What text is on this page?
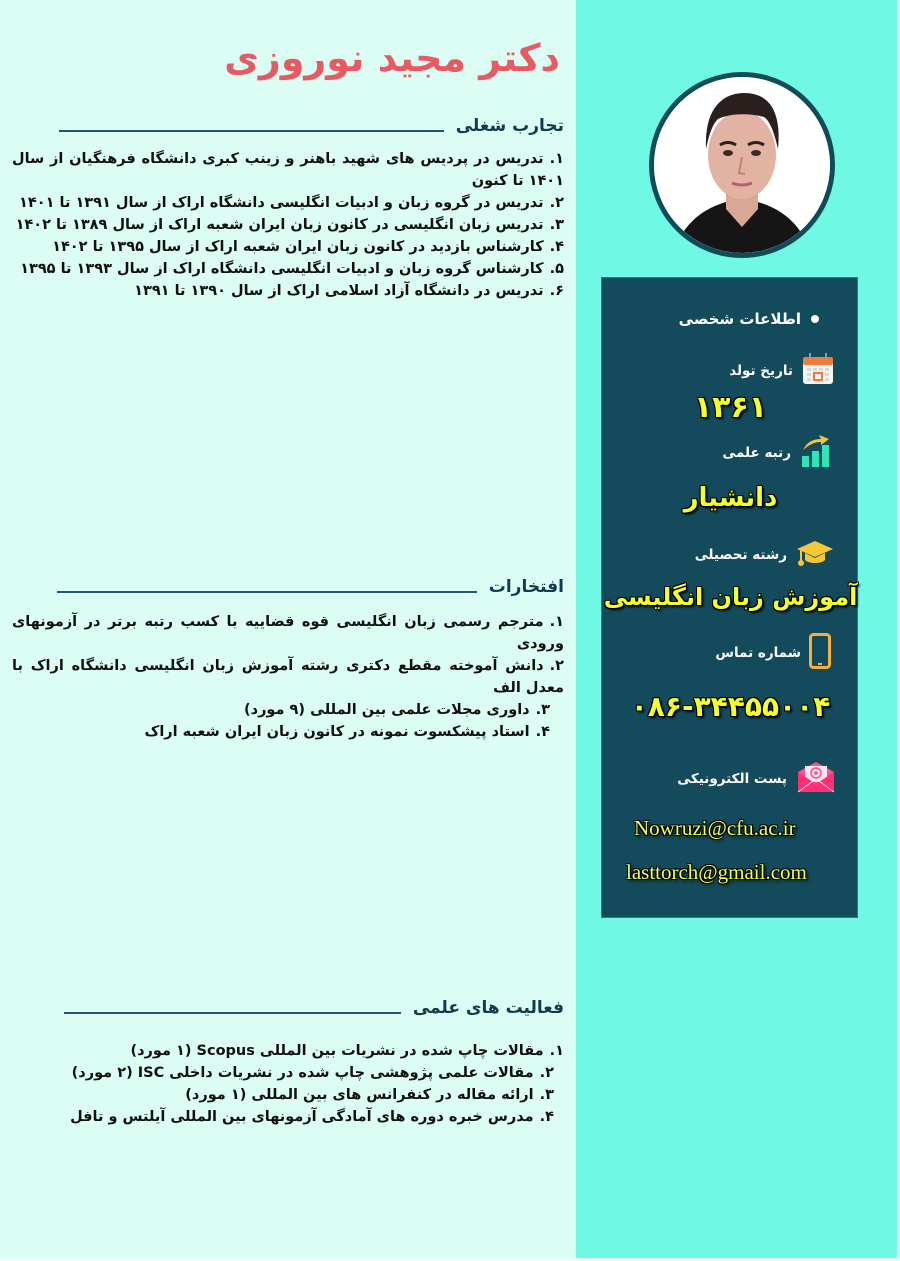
دکتر مجید نوروزی
تجارب شغلی
۱.تدریس در پردیس های شهید باهنر و زینب کبری دانشگاه فرهنگیان از سال ۱۴۰۱ تا کنون
۲.تدریس در گروه زبان و ادبیات انگلیسی دانشگاه اراک از سال ۱۳۹۱ تا ۱۴۰۱
۳.تدریس زبان انگلیسی در کانون زبان ایران شعبه اراک از سال ۱۳۸۹ تا ۱۴۰۲
۴.کارشناس بازدید در کانون زبان ایران شعبه اراک از سال ۱۳۹۵ تا ۱۴۰۲
۵.کارشناس گروه زبان و ادبیات انگلیسی دانشگاه اراک از سال ۱۳۹۳ تا ۱۳۹۵
۶.تدریس در دانشگاه آزاد اسلامی اراک از سال ۱۳۹۰ تا ۱۳۹۱
افتخارات
۱.مترجم رسمی زبان انگلیسی قوه قضاییه با کسب رتبه برتر در آزمونهای ورودی
۲.دانش آموخته مقطع دکتری رشته آموزش زبان انگلیسی دانشگاه اراک با معدل الف
۳.داوری مجلات علمی بین المللی (۹ مورد)
۴.استاد پیشکسوت نمونه در کانون زبان ایران شعبه اراک
فعالیت های علمی
۱.مقالات چاپ شده در نشریات بین المللی Scopus (۱ مورد)
۲.مقالات علمی پژوهشی چاپ شده در نشریات داخلی ISC (۲ مورد)
۳.ارائه مقاله در کنفرانس های بین المللی (۱ مورد)
۴.مدرس خبره دوره های آمادگی آزمونهای بین المللی آیلتس و تافل
اطلاعات شخصی
تاریخ تولد
۱۳۶۱
رتبه علمی
دانشیار
رشته تحصیلی
آموزش زبان انگلیسی
شماره تماس
۰۸۶-۳۴۴۵۵۰۰۴
پست الکترونیکی
Nowruzi@cfu.ac.ir
lasttorch@gmail.com
